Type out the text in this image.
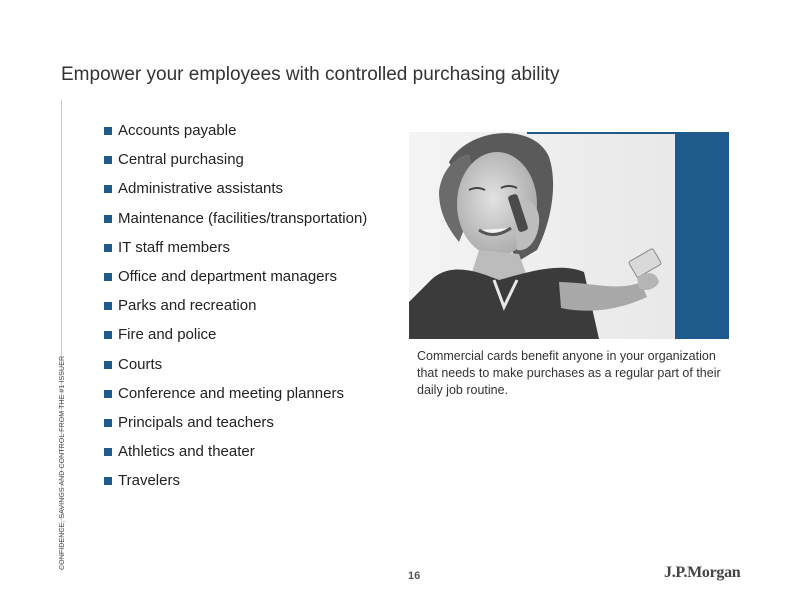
Empower your employees with controlled purchasing ability
CONFIDENCE, SAVINGS AND CONTROL FROM THE #1 ISSUER
Accounts payable
Central purchasing
Administrative assistants
Maintenance (facilities/transportation)
IT staff members
Office and department managers
Parks and recreation
Fire and police
Courts
Conference and meeting planners
Principals and teachers
Athletics and theater
Travelers
Commercial cards benefit anyone in your organization that needs to make purchases as a regular part of their daily job routine.
16	J.P.Morgan
